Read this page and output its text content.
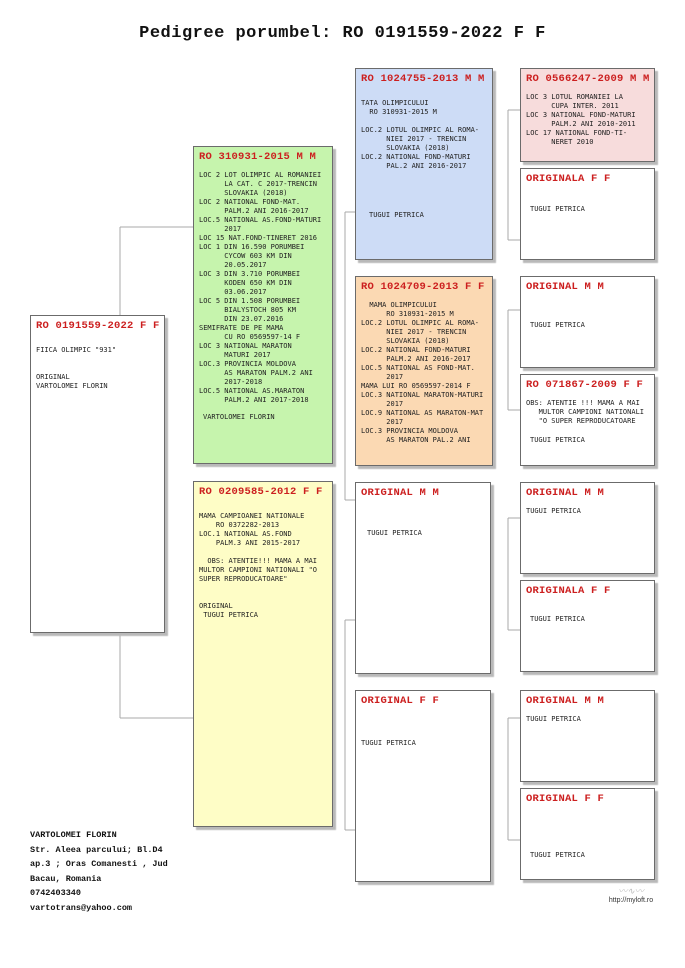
Pedigree porumbel: RO 0191559-2022 F F
RO 0191559-2022 F F
FIICA OLIMPIC "931"

ORIGINAL
VARTOLOMEI FLORIN
RO 310931-2015 M M
LOC 2 LOT OLIMPIC AL ROMANIEI
LA CAT. C 2017-TRENCIN
SLOVAKIA (2018)
LOC 2 NATIONAL FOND-MAT.
PALM.2 ANI 2016-2017
LOC.5 NATIONAL AS.FOND-MATURI
2017
LOC 15 NAT.FOND-TINERET 2016
LOC 1 DIN 16.590 PORUMBEI
CYCOW 603 KM DIN
20.05.2017
LOC 3 DIN 3.710 PORUMBEI
KODEN 650 KM DIN
03.06.2017
LOC 5 DIN 1.508 PORUMBEI
BIALYSTOCH 805 KM
DIN 23.07.2016
SEMIFRATE DE PE MAMA
CU RO 0569597-14 F
LOC 3 NATIONAL MARATON
MATURI 2017
LOC.3 PROVINCIA MOLDOVA
AS MARATON PALM.2 ANI
2017-2018
LOC.5 NATIONAL AS.MARATON
PALM.2 ANI 2017-2018
VARTOLOMEI FLORIN
RO 0209585-2012 F F
MAMA CAMPIOANEI NATIONALE
RO 0372282-2013
LOC.1 NATIONAL AS.FOND
PALM.3 ANI 2015-2017

OBS: ATENTIE!!! MAMA A MAI
MULTOR CAMPIONI NATIONALI "O
SUPER REPRODUCATOARE"

ORIGINAL
TUGUI PETRICA
RO 1024755-2013 M M
TATA OLIMPICULUI
RO 310931-2015 M

LOC.2 LOTUL OLIMPIC AL ROMA-
NIEI 2017 - TRENCIN
SLOVAKIA (2018)
LOC.2 NATIONAL FOND-MATURI
PAL.2 ANI 2016-2017
TUGUI PETRICA
RO 1024709-2013 F F
MAMA OLIMPICULUI
RO 310931-2015 M
LOC.2 LOTUL OLIMPIC AL ROMA-
NIEI 2017 - TRENCIN
SLOVAKIA (2018)
LOC.2 NATIONAL FOND-MATURI
PALM.2 ANI 2016-2017
LOC.5 NATIONAL AS FOND-MAT.
2017
MAMA LUI RO 0569597-2014 F
LOC.3 NATIONAL MARATON-MATURI
2017
LOC.9 NATIONAL AS MARATON-MAT
2017
LOC.3 PROVINCIA MOLDOVA
AS MARATON PAL.2 ANI
ORIGINAL M M
TUGUI PETRICA
ORIGINAL F F
TUGUI PETRICA
RO 0566247-2009 M M
LOC 3 LOTUL ROMANIEI LA
CUPA INTER. 2011
LOC 3 NATIONAL FOND-MATURI
PALM.2 ANI 2010-2011
LOC 17 NATIONAL FOND-TI-
NERET 2010
ORIGINALA F F
TUGUI PETRICA
ORIGINAL M M
TUGUI PETRICA
RO 071867-2009 F F
OBS: ATENTIE !!! MAMA A MAI
MULTOR CAMPIONI NATIONALI
"O SUPER REPRODUCATOARE
TUGUI PETRICA
ORIGINAL M M
TUGUI PETRICA
ORIGINALA F F
TUGUI PETRICA
ORIGINAL M M
TUGUI PETRICA
ORIGINAL F F
TUGUI PETRICA
VARTOLOMEI FLORIN
Str. Aleea parcului; Bl.D4
ap.3 ; Oras Comanesti , Jud
Bacau, Romania
0742403340
vartotrans@yahoo.com
〰∿〰
http://myloft.ro
